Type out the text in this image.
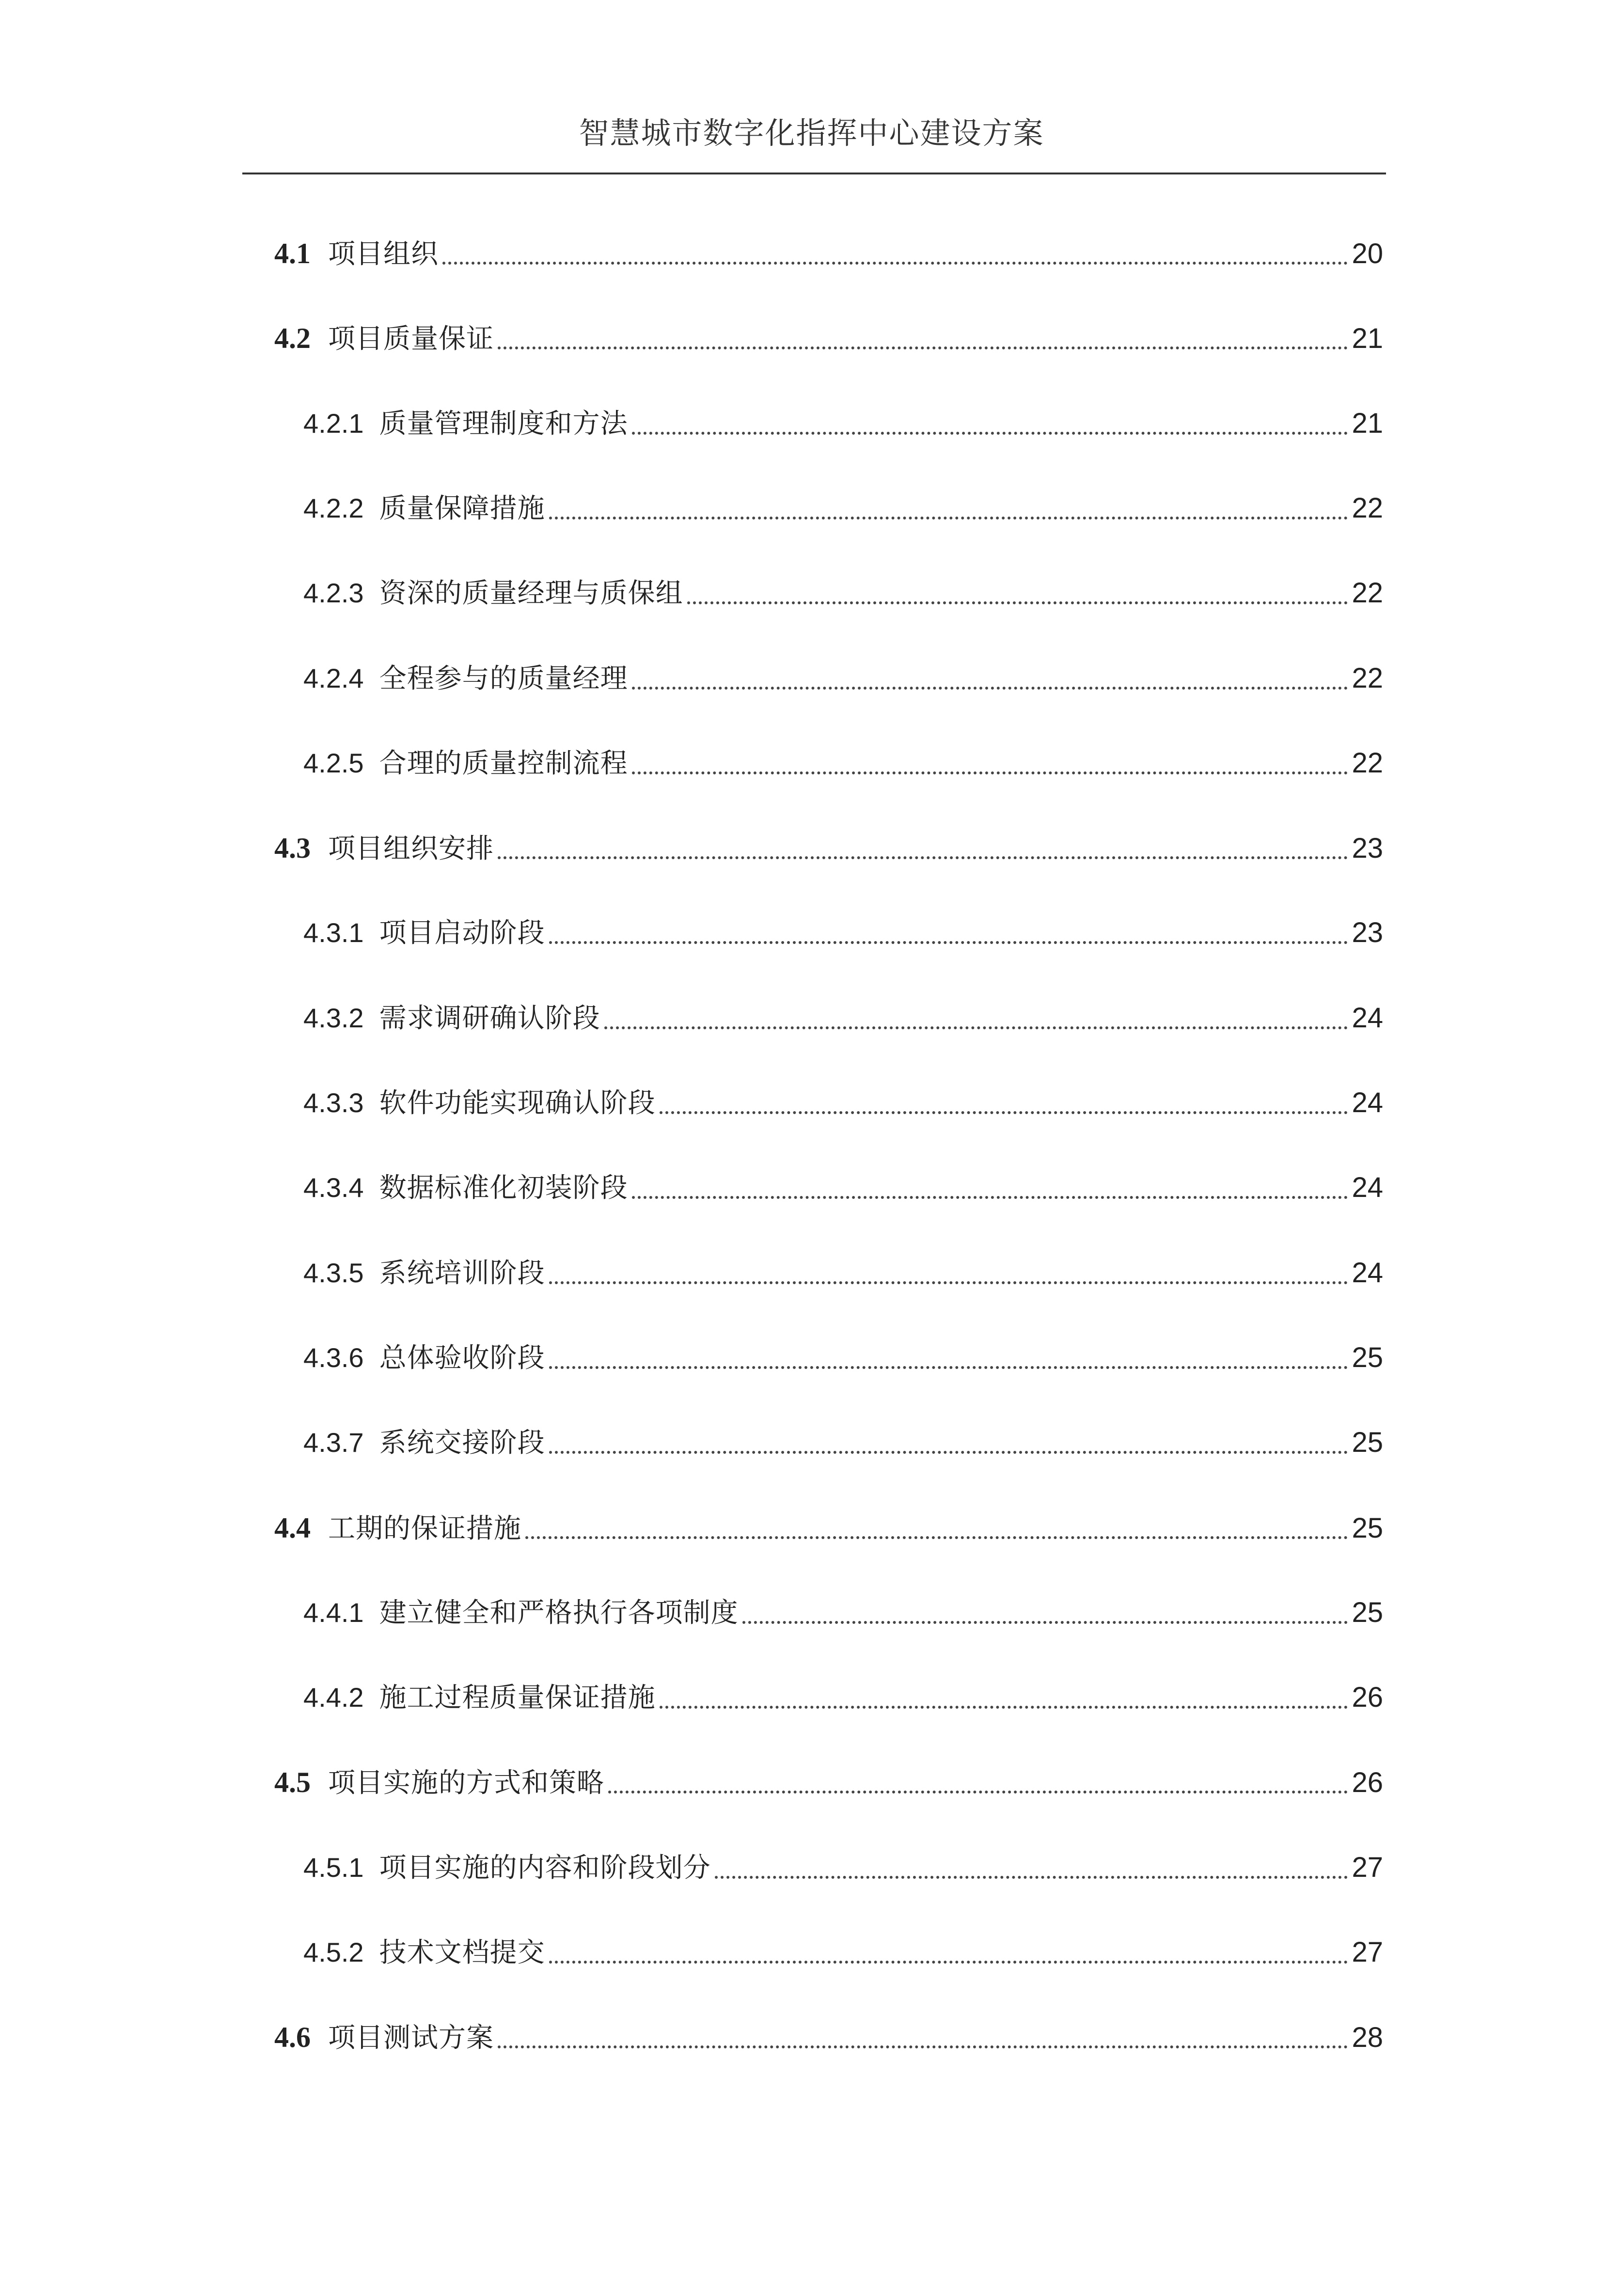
智慧城市数字化指挥中心建设方案
4.1 项目组织	20
4.2 项目质量保证	21
4.2.1 质量管理制度和方法	21
4.2.2 质量保障措施	22
4.2.3 资深的质量经理与质保组	22
4.2.4 全程参与的质量经理	22
4.2.5 合理的质量控制流程	22
4.3 项目组织安排	23
4.3.1 项目启动阶段	23
4.3.2 需求调研确认阶段	24
4.3.3 软件功能实现确认阶段	24
4.3.4 数据标准化初装阶段	24
4.3.5 系统培训阶段	24
4.3.6 总体验收阶段	25
4.3.7 系统交接阶段	25
4.4 工期的保证措施	25
4.4.1 建立健全和严格执行各项制度	25
4.4.2 施工过程质量保证措施	26
4.5 项目实施的方式和策略	26
4.5.1 项目实施的内容和阶段划分	27
4.5.2 技术文档提交	27
4.6 项目测试方案	28
